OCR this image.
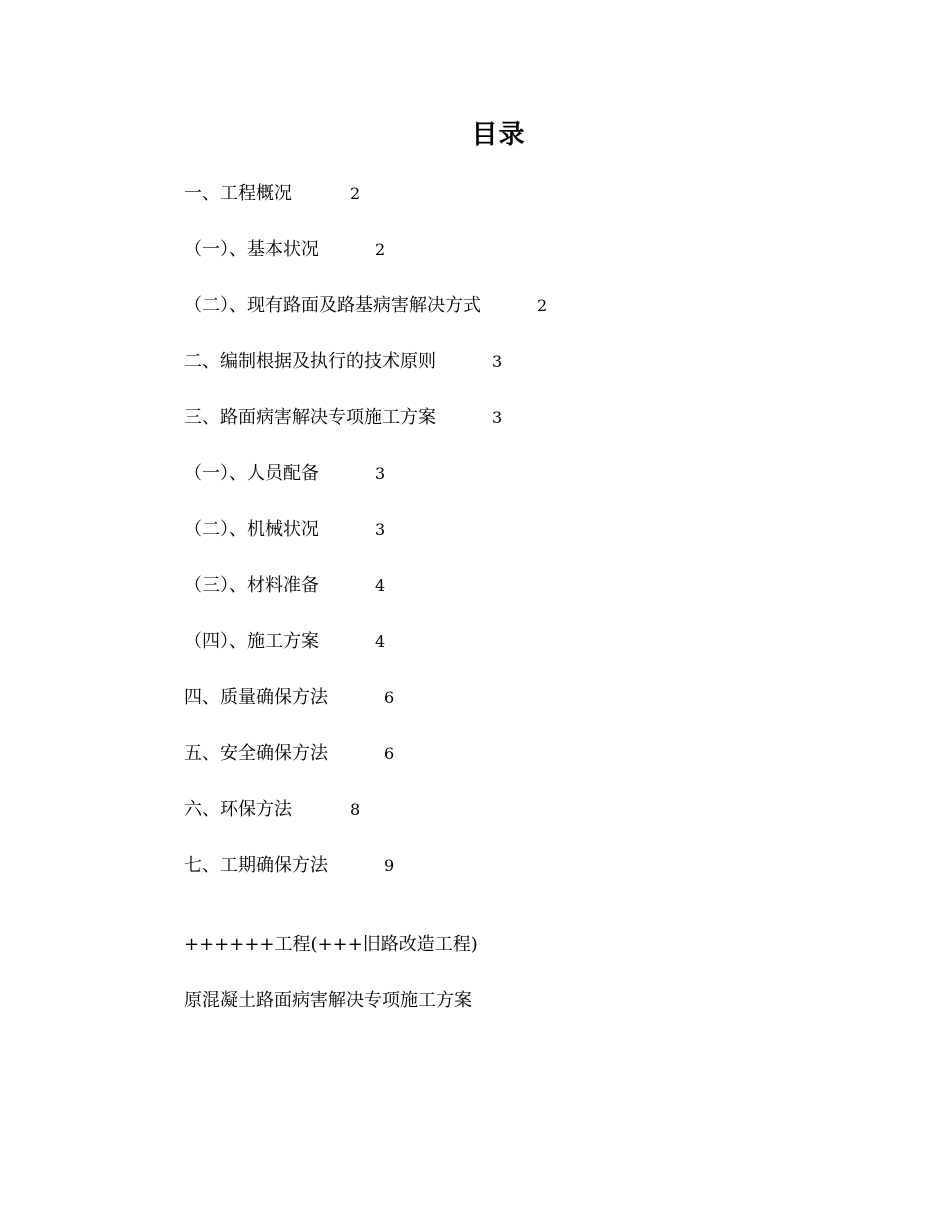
目录
一、工程概况	2
（一）、基本状况	2
（二）、现有路面及路基病害解决方式	2
二、编制根据及执行的技术原则	3
三、路面病害解决专项施工方案	3
（一）、人员配备	3
（二）、机械状况	3
（三）、材料准备	4
（四）、施工方案	4
四、质量确保方法	6
五、安全确保方法	6
六、环保方法	8
七、工期确保方法	9
++++++工程(+++旧路改造工程)
原混凝土路面病害解决专项施工方案
